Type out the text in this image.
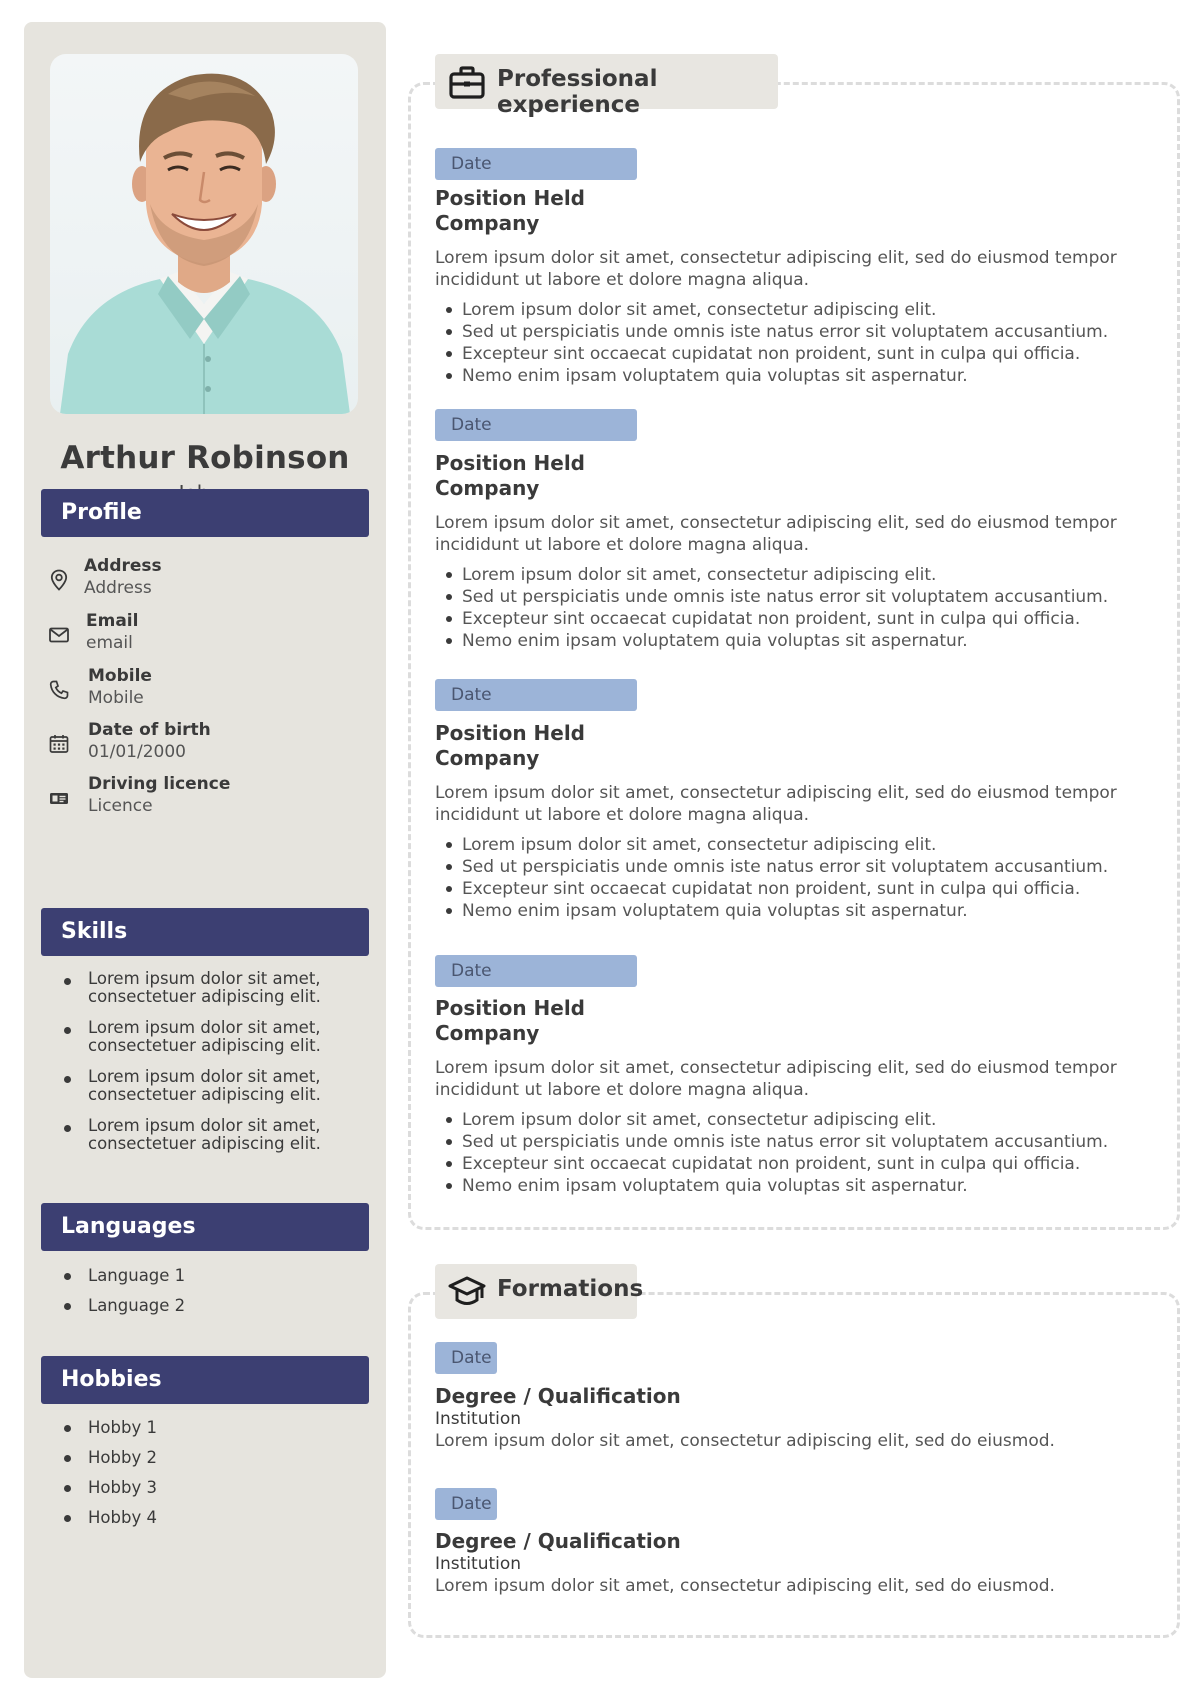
Arthur Robinson
Profile
Address
Address
Email
email
Mobile
Mobile
Date of birth
01/01/2000
Driving licence
Licence
Skills
Lorem ipsum dolor sit amet,
consectetuer adipiscing elit.
Lorem ipsum dolor sit amet,
consectetuer adipiscing elit.
Lorem ipsum dolor sit amet,
consectetuer adipiscing elit.
Lorem ipsum dolor sit amet,
consectetuer adipiscing elit.
Languages
Language 1
Language 2
Hobbies
Hobby 1
Hobby 2
Hobby 3
Hobby 4
Professional experience
Date
Position Held
Company
Lorem ipsum dolor sit amet, consectetur adipiscing elit, sed do eiusmod tempor
incididunt ut labore et dolore magna aliqua.
Lorem ipsum dolor sit amet, consectetur adipiscing elit.
Sed ut perspiciatis unde omnis iste natus error sit voluptatem accusantium.
Excepteur sint occaecat cupidatat non proident, sunt in culpa qui officia.
Nemo enim ipsam voluptatem quia voluptas sit aspernatur.
Date
Position Held
Company
Lorem ipsum dolor sit amet, consectetur adipiscing elit, sed do eiusmod tempor
incididunt ut labore et dolore magna aliqua.
Lorem ipsum dolor sit amet, consectetur adipiscing elit.
Sed ut perspiciatis unde omnis iste natus error sit voluptatem accusantium.
Excepteur sint occaecat cupidatat non proident, sunt in culpa qui officia.
Nemo enim ipsam voluptatem quia voluptas sit aspernatur.
Date
Position Held
Company
Lorem ipsum dolor sit amet, consectetur adipiscing elit, sed do eiusmod tempor
incididunt ut labore et dolore magna aliqua.
Lorem ipsum dolor sit amet, consectetur adipiscing elit.
Sed ut perspiciatis unde omnis iste natus error sit voluptatem accusantium.
Excepteur sint occaecat cupidatat non proident, sunt in culpa qui officia.
Nemo enim ipsam voluptatem quia voluptas sit aspernatur.
Date
Position Held
Company
Lorem ipsum dolor sit amet, consectetur adipiscing elit, sed do eiusmod tempor
incididunt ut labore et dolore magna aliqua.
Lorem ipsum dolor sit amet, consectetur adipiscing elit.
Sed ut perspiciatis unde omnis iste natus error sit voluptatem accusantium.
Excepteur sint occaecat cupidatat non proident, sunt in culpa qui officia.
Nemo enim ipsam voluptatem quia voluptas sit aspernatur.
Formations
Date
Degree / Qualification
Institution
Lorem ipsum dolor sit amet, consectetur adipiscing elit, sed do eiusmod.
Date
Degree / Qualification
Institution
Lorem ipsum dolor sit amet, consectetur adipiscing elit, sed do eiusmod.
